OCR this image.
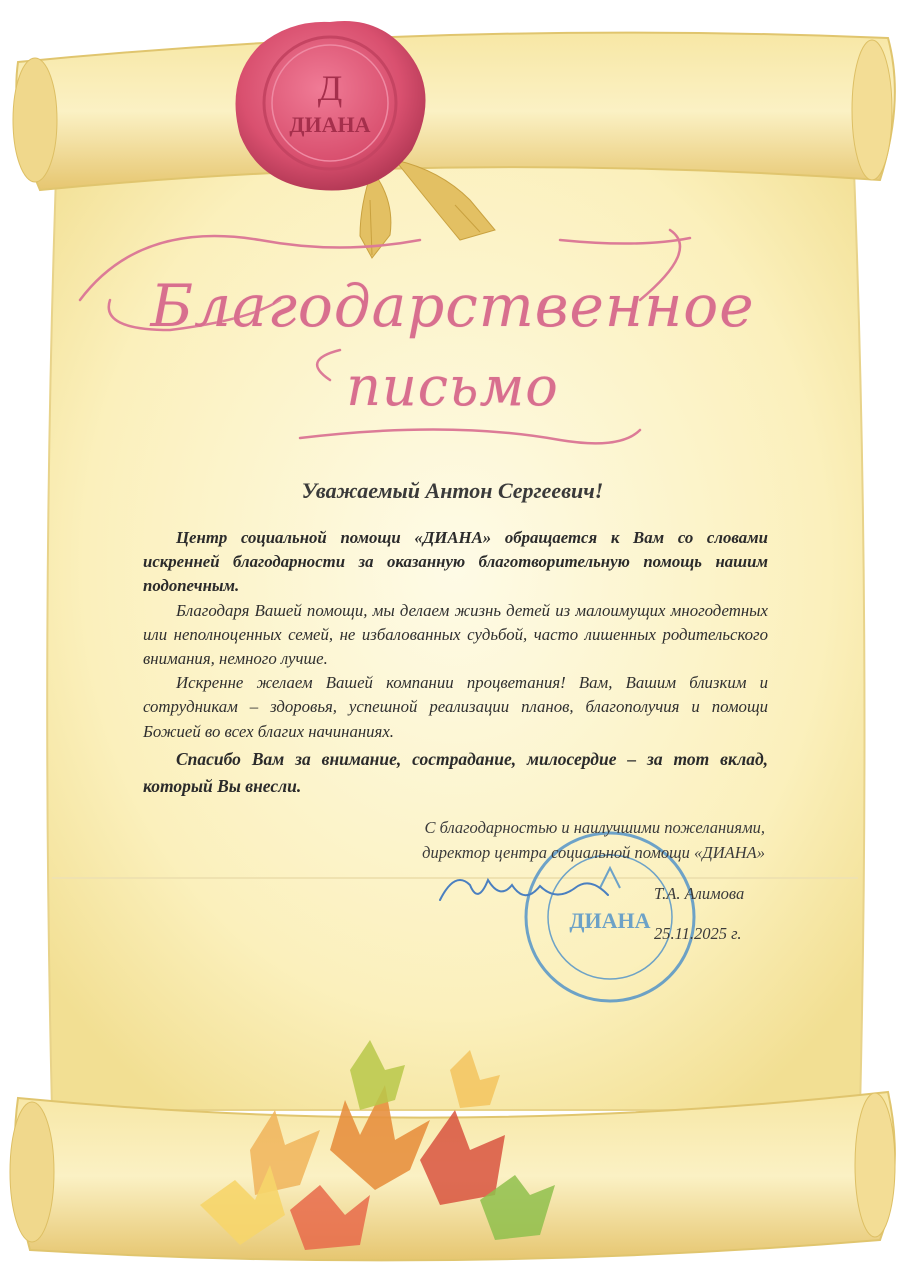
Д
ДИАНА
ДИАНА
Благодарственное
письмо
Уважаемый Антон Сергеевич!

Центр социальной помощи «ДИАНА» обращается к Вам со словами искренней благодарности за оказанную благотворительную помощь нашим подопечным.

Благодаря Вашей помощи, мы делаем жизнь детей из малоимущих многодетных или неполноценных семей, не избалованных судьбой, часто лишенных родительского внимания, немного лучше.

Искренне желаем Вашей компании процветания! Вам, Вашим близким и сотрудникам – здоровья, успешной реализации планов, благополучия и помощи Божией во всех благих начинаниях.

Спасибо Вам за внимание, сострадание, милосердие – за тот вклад, который Вы внесли.

С благодарностью и наилучшими пожеланиями,
директор центра социальной помощи «ДИАНА»
Т.А. Алимова
25.11.2025 г.
